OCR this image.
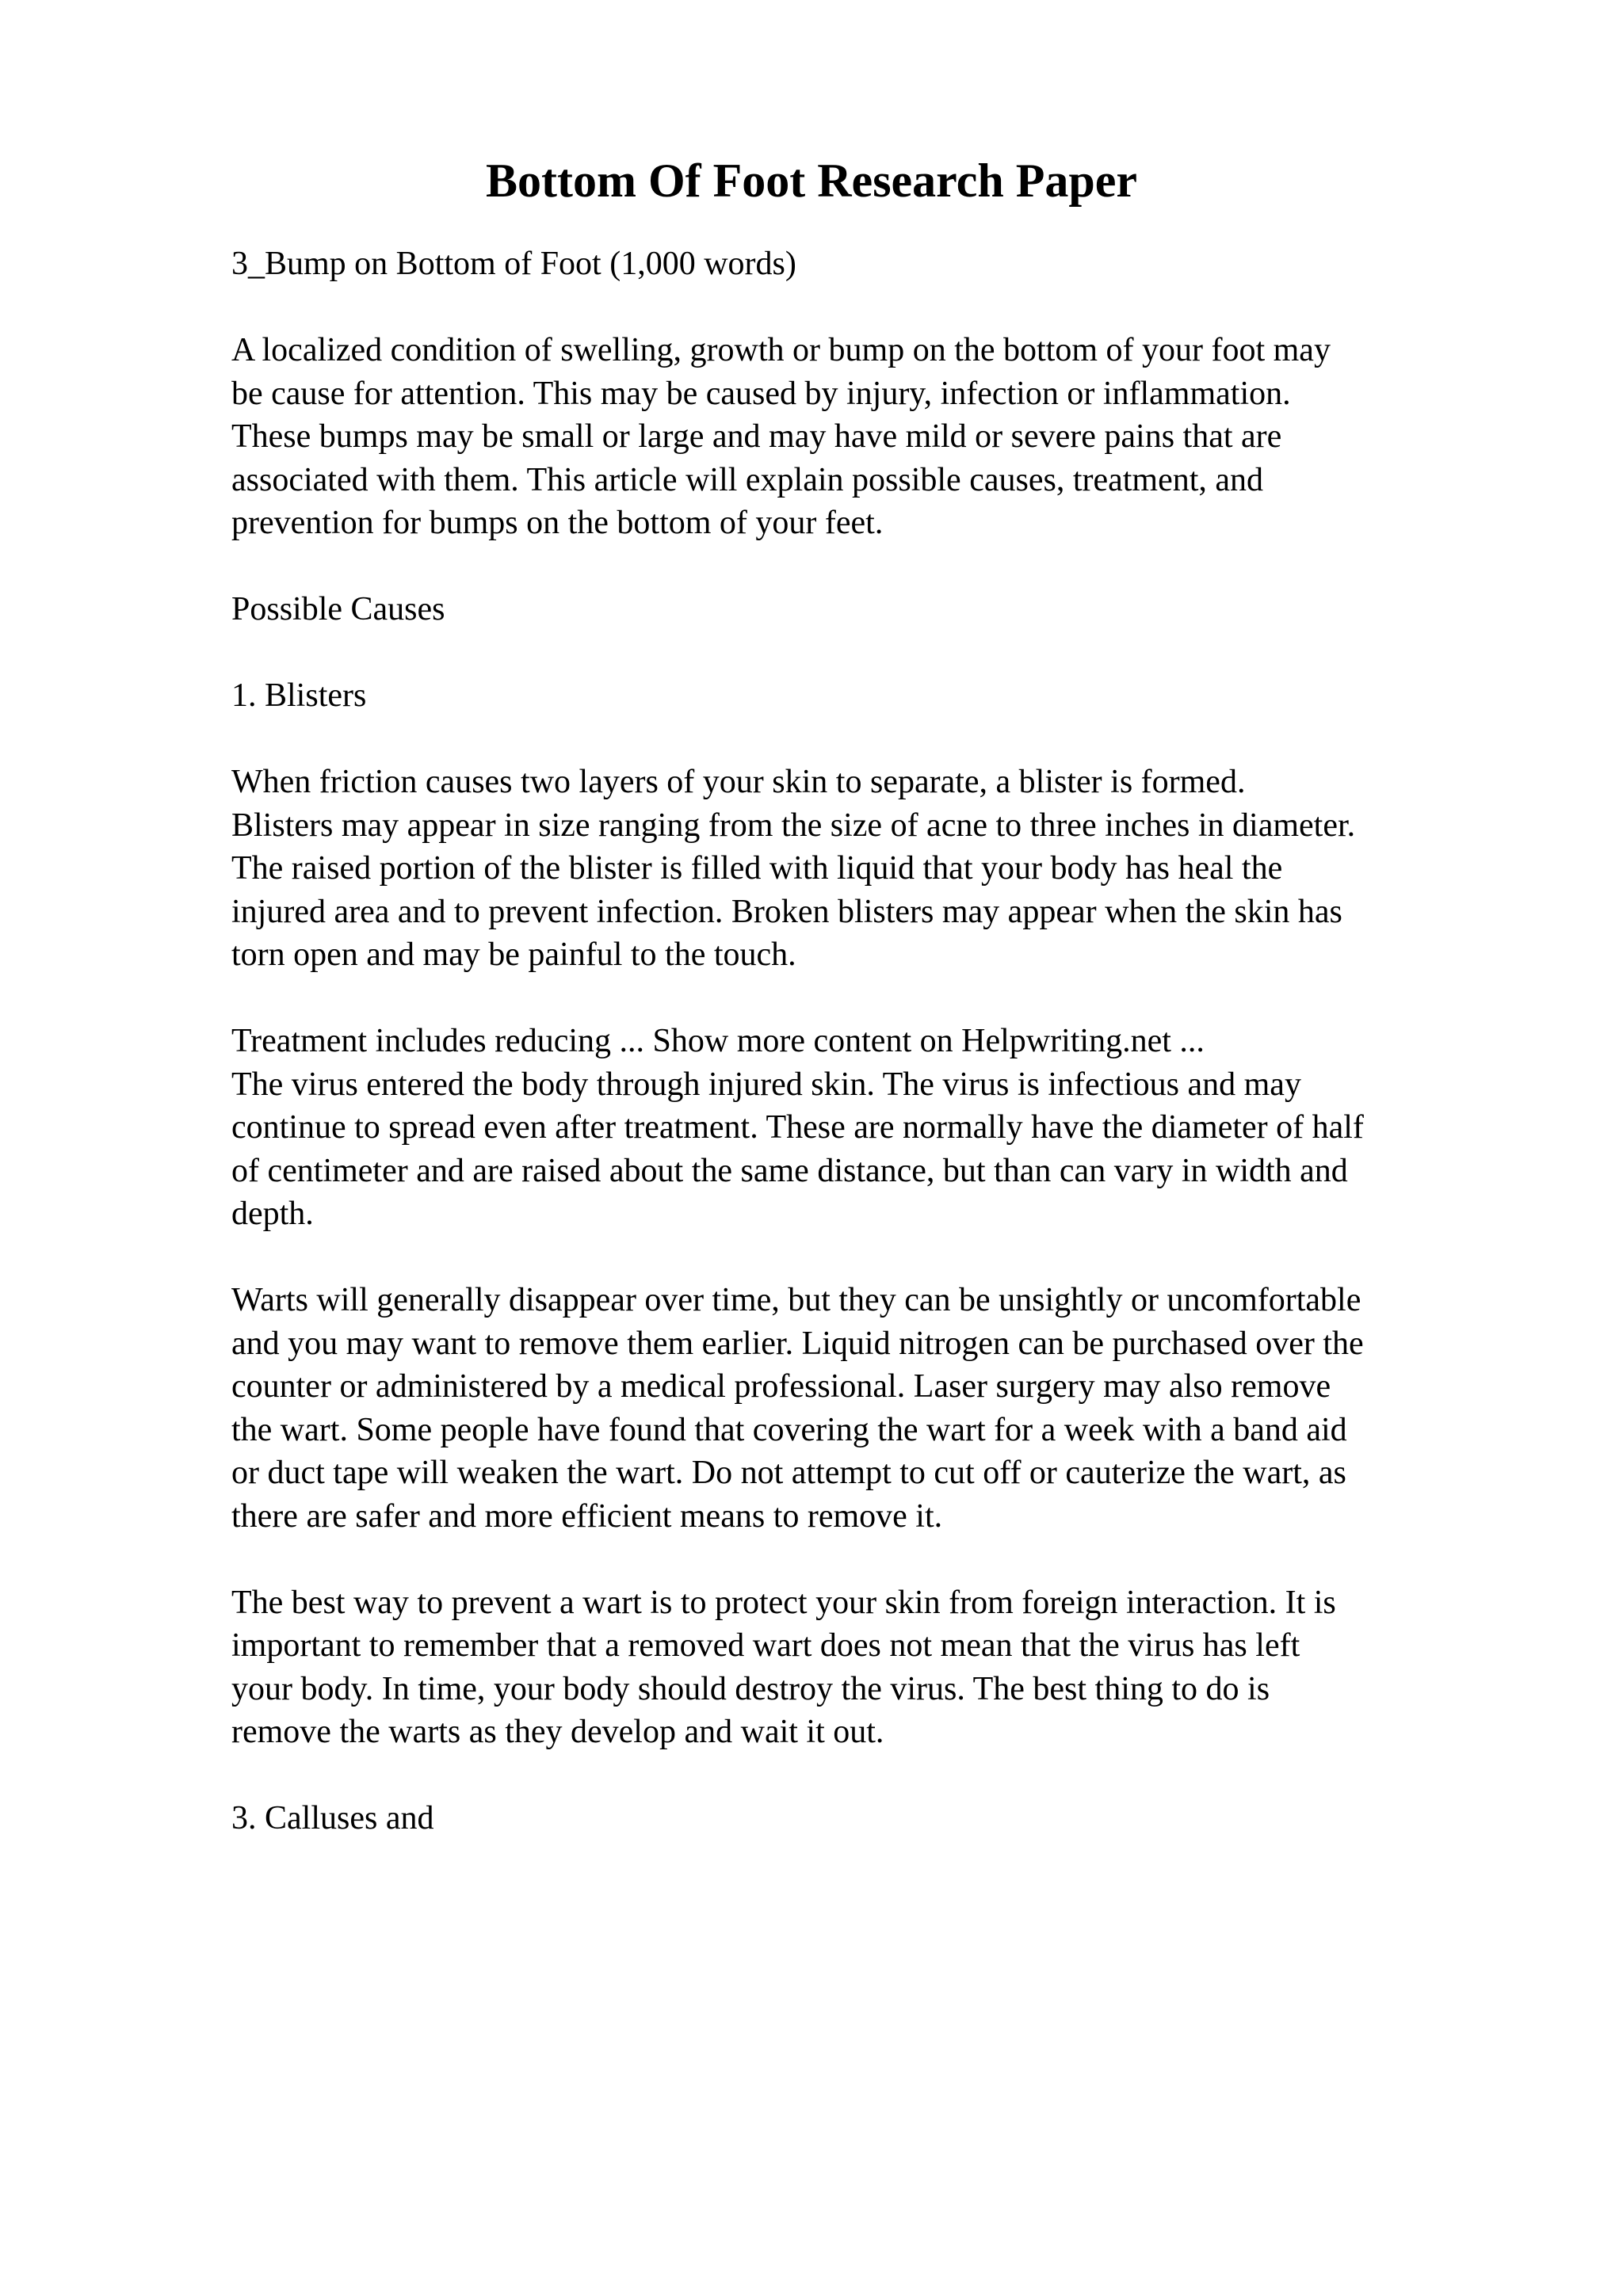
Bottom Of Foot Research Paper

3_Bump on Bottom of Foot (1,000 words)

A localized condition of swelling, growth or bump on the bottom of your foot may
be cause for attention. This may be caused by injury, infection or inflammation.
These bumps may be small or large and may have mild or severe pains that are
associated with them. This article will explain possible causes, treatment, and
prevention for bumps on the bottom of your feet.

Possible Causes

1. Blisters

When friction causes two layers of your skin to separate, a blister is formed.
Blisters may appear in size ranging from the size of acne to three inches in diameter.
The raised portion of the blister is filled with liquid that your body has heal the
injured area and to prevent infection. Broken blisters may appear when the skin has
torn open and may be painful to the touch.

Treatment includes reducing ... Show more content on Helpwriting.net ...

The virus entered the body through injured skin. The virus is infectious and may
continue to spread even after treatment. These are normally have the diameter of half
of centimeter and are raised about the same distance, but than can vary in width and
depth.

Warts will generally disappear over time, but they can be unsightly or uncomfortable
and you may want to remove them earlier. Liquid nitrogen can be purchased over the
counter or administered by a medical professional. Laser surgery may also remove
the wart. Some people have found that covering the wart for a week with a band aid
or duct tape will weaken the wart. Do not attempt to cut off or cauterize the wart, as
there are safer and more efficient means to remove it.

The best way to prevent a wart is to protect your skin from foreign interaction. It is
important to remember that a removed wart does not mean that the virus has left
your body. In time, your body should destroy the virus. The best thing to do is
remove the warts as they develop and wait it out.

3. Calluses and
